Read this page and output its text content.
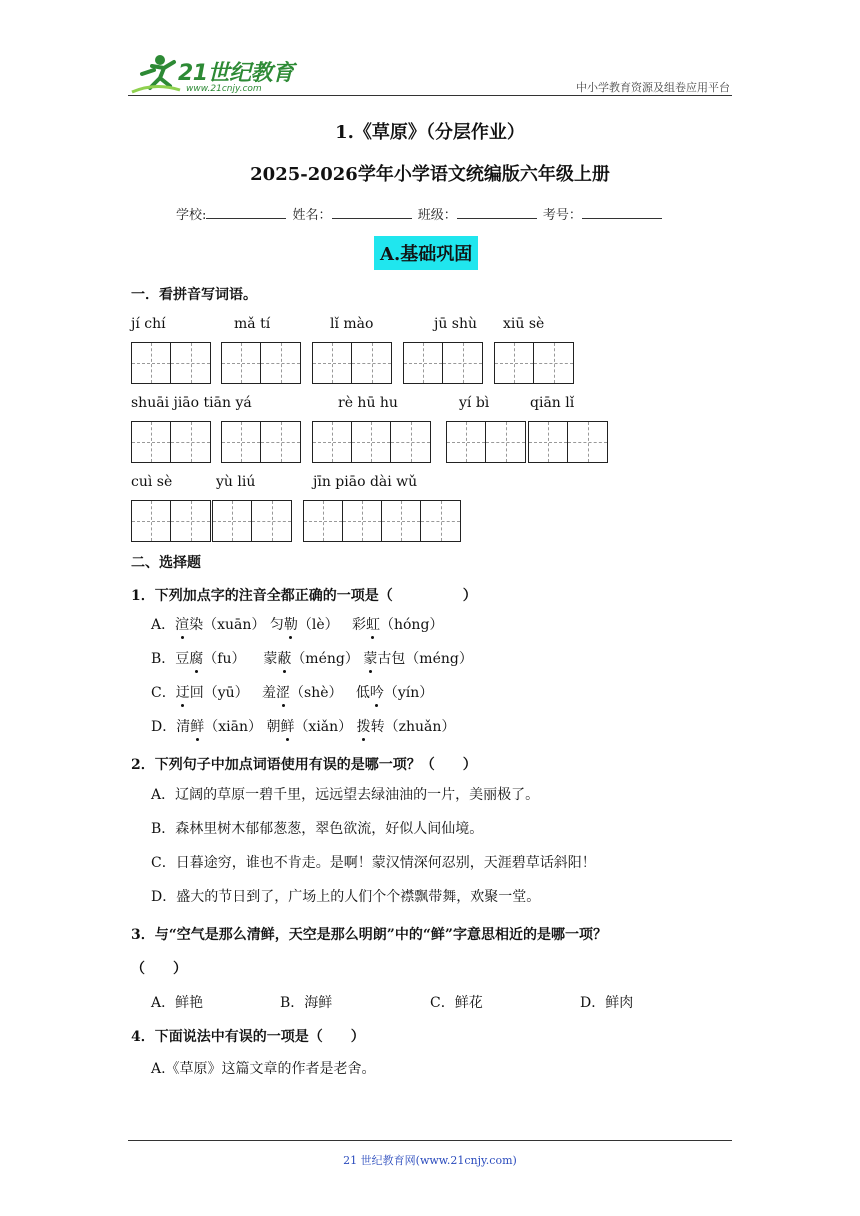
21世纪教育
www.21cnjy.com	中小学教育资源及组卷应用平台
1.《草原》（分层作业）
2025-2026学年小学语文统编版六年级上册
学校:	姓名：	班级：	考号：
A.基础巩固
一．看拼音写词语。
jí chí	mǎ tí	lǐ mào	jū shù xiū sè
shuāi jiāo tiān yá	rè hū hu	yí bì	qiān lǐ
cuì sè	yù liú	jīn piāo dài wǔ
二、选择题
1．下列加点字的注音全都正确的一项是（　　　　　）
A．渲染（xuān） 匀勒（lè） 彩虹（hóng）
B．豆腐（fu） 蒙蔽（méng） 蒙古包（méng）
C．迂回（yū） 羞涩（shè） 低吟（yín）
D．清鲜（xiān） 朝鲜（xiǎn） 拨转（zhuǎn）
2．下列句子中加点词语使用有误的是哪一项？（　　）
A．辽阔的草原一碧千里，远远望去绿油油的一片，美丽极了。
B．森林里树木郁郁葱葱，翠色欲流，好似人间仙境。
C．日暮途穷，谁也不肯走。是啊！蒙汉情深何忍别，天涯碧草话斜阳！
D．盛大的节日到了，广场上的人们个个襟飘带舞，欢聚一堂。
3．与“空气是那么清鲜，天空是那么明朗”中的“鲜”字意思相近的是哪一项？
（　　）
A．鲜艳	B．海鲜	C．鲜花	D．鲜肉
4．下面说法中有误的一项是（　　）
A.《草原》这篇文章的作者是老舍。
21 世纪教育网(www.21cnjy.com)
